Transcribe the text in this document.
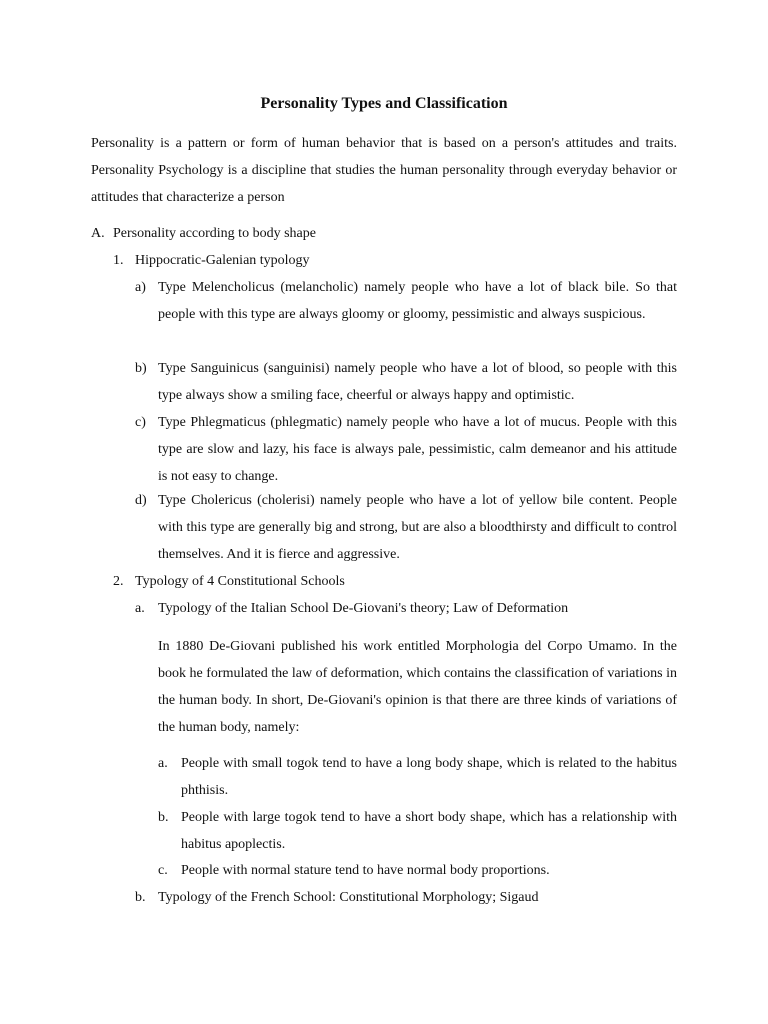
Personality Types and Classification

Personality is a pattern or form of human behavior that is based on a person's attitudes and traits. Personality Psychology is a discipline that studies the human personality through everyday behavior or attitudes that characterize a person

A. Personality according to body shape
1. Hippocratic-Galenian typology
a) Type Melencholicus (melancholic) namely people who have a lot of black bile. So that people with this type are always gloomy or gloomy, pessimistic and always suspicious.

b) Type Sanguinicus (sanguinisi) namely people who have a lot of blood, so people with this type always show a smiling face, cheerful or always happy and optimistic.

c) Type Phlegmaticus (phlegmatic) namely people who have a lot of mucus. People with this type are slow and lazy, his face is always pale, pessimistic, calm demeanor and his attitude is not easy to change.

d) Type Cholericus (cholerisi) namely people who have a lot of yellow bile content. People with this type are generally big and strong, but are also a bloodthirsty and difficult to control themselves. And it is fierce and aggressive.

2. Typology of 4 Constitutional Schools
a. Typology of the Italian School De-Giovani's theory; Law of Deformation

In 1880 De-Giovani published his work entitled Morphologia del Corpo Umamo. In the book he formulated the law of deformation, which contains the classification of variations in the human body. In short, De-Giovani's opinion is that there are three kinds of variations of the human body, namely:

a. People with small togok tend to have a long body shape, which is related to the habitus phthisis.

b. People with large togok tend to have a short body shape, which has a relationship with habitus apoplectis.

c. People with normal stature tend to have normal body proportions.
b. Typology of the French School: Constitutional Morphology; Sigaud
